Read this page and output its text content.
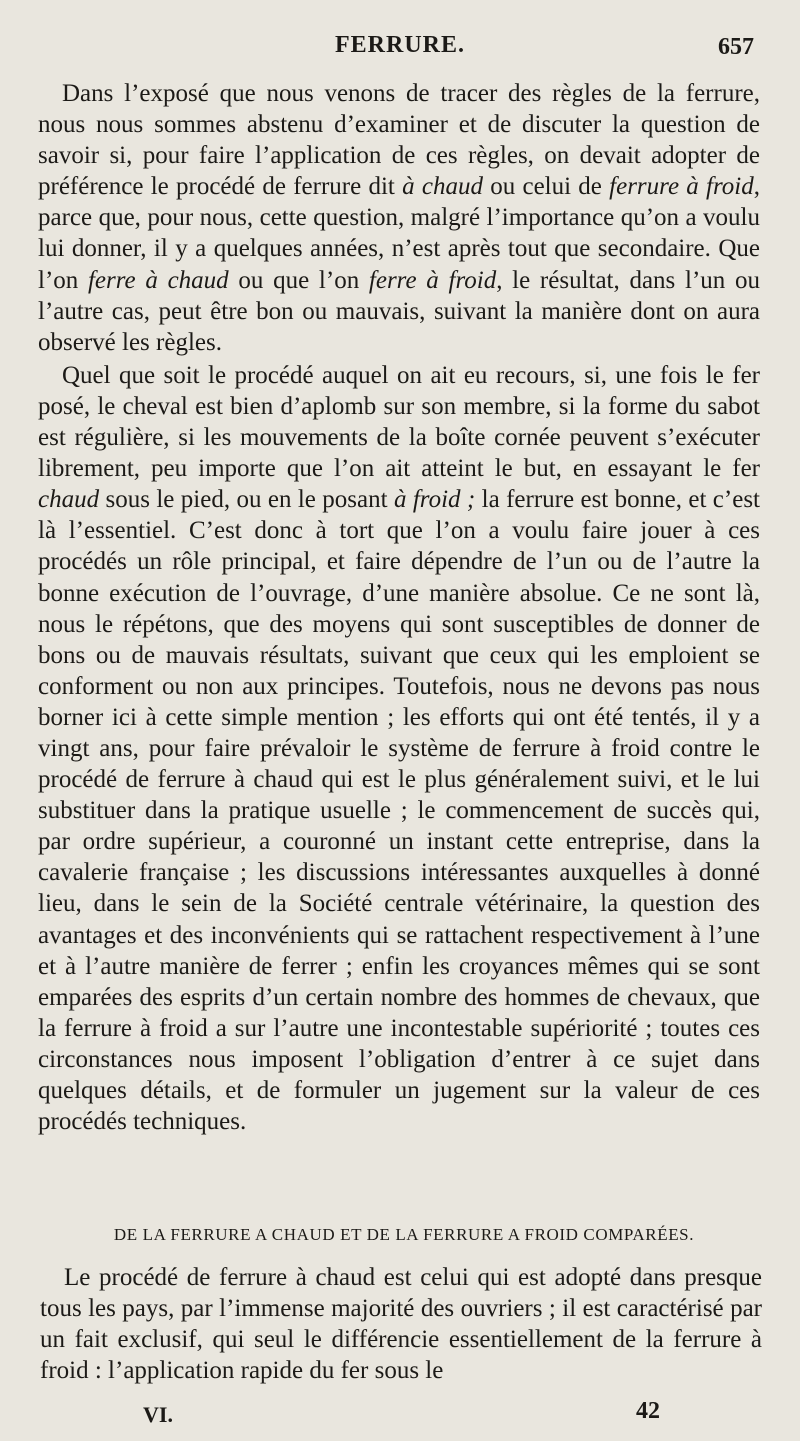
FERRURE.	657

Dans l’exposé que nous venons de tracer des règles de la ferrure, nous nous sommes abstenu d’examiner et de discuter la question de savoir si, pour faire l’application de ces règles, on devait adopter de préférence le procédé de ferrure dit à chaud ou celui de ferrure à froid, parce que, pour nous, cette question, malgré l’importance qu’on a voulu lui donner, il y a quelques années, n’est après tout que secondaire. Que l’on ferre à chaud ou que l’on ferre à froid, le résultat, dans l’un ou l’autre cas, peut être bon ou mauvais, suivant la manière dont on aura observé les règles.

Quel que soit le procédé auquel on ait eu recours, si, une fois le fer posé, le cheval est bien d’aplomb sur son membre, si la forme du sabot est régulière, si les mouvements de la boîte cornée peuvent s’exécuter librement, peu importe que l’on ait atteint le but, en essayant le fer chaud sous le pied, ou en le posant à froid ; la ferrure est bonne, et c’est là l’essentiel. C’est donc à tort que l’on a voulu faire jouer à ces procédés un rôle principal, et faire dépendre de l’un ou de l’autre la bonne exécution de l’ouvrage, d’une manière absolue. Ce ne sont là, nous le répétons, que des moyens qui sont susceptibles de donner de bons ou de mauvais résultats, suivant que ceux qui les emploient se conforment ou non aux principes. Toutefois, nous ne devons pas nous borner ici à cette simple mention ; les efforts qui ont été tentés, il y a vingt ans, pour faire prévaloir le système de ferrure à froid contre le procédé de ferrure à chaud qui est le plus généralement suivi, et le lui substituer dans la pratique usuelle ; le commencement de succès qui, par ordre supérieur, a couronné un instant cette entreprise, dans la cavalerie française ; les discussions intéressantes auxquelles à donné lieu, dans le sein de la Société centrale vétérinaire, la question des avantages et des inconvénients qui se rattachent respectivement à l’une et à l’autre manière de ferrer ; enfin les croyances mêmes qui se sont emparées des esprits d’un certain nombre des hommes de chevaux, que la ferrure à froid a sur l’autre une incontestable supériorité ; toutes ces circonstances nous imposent l’obligation d’entrer à ce sujet dans quelques détails, et de formuler un jugement sur la valeur de ces procédés techniques.

DE LA FERRURE A CHAUD ET DE LA FERRURE A FROID COMPARÉES.

Le procédé de ferrure à chaud est celui qui est adopté dans presque tous les pays, par l’immense majorité des ouvriers ; il est caractérisé par un fait exclusif, qui seul le différencie essentiellement de la ferrure à froid : l’application rapide du fer sous le

VI.	42
